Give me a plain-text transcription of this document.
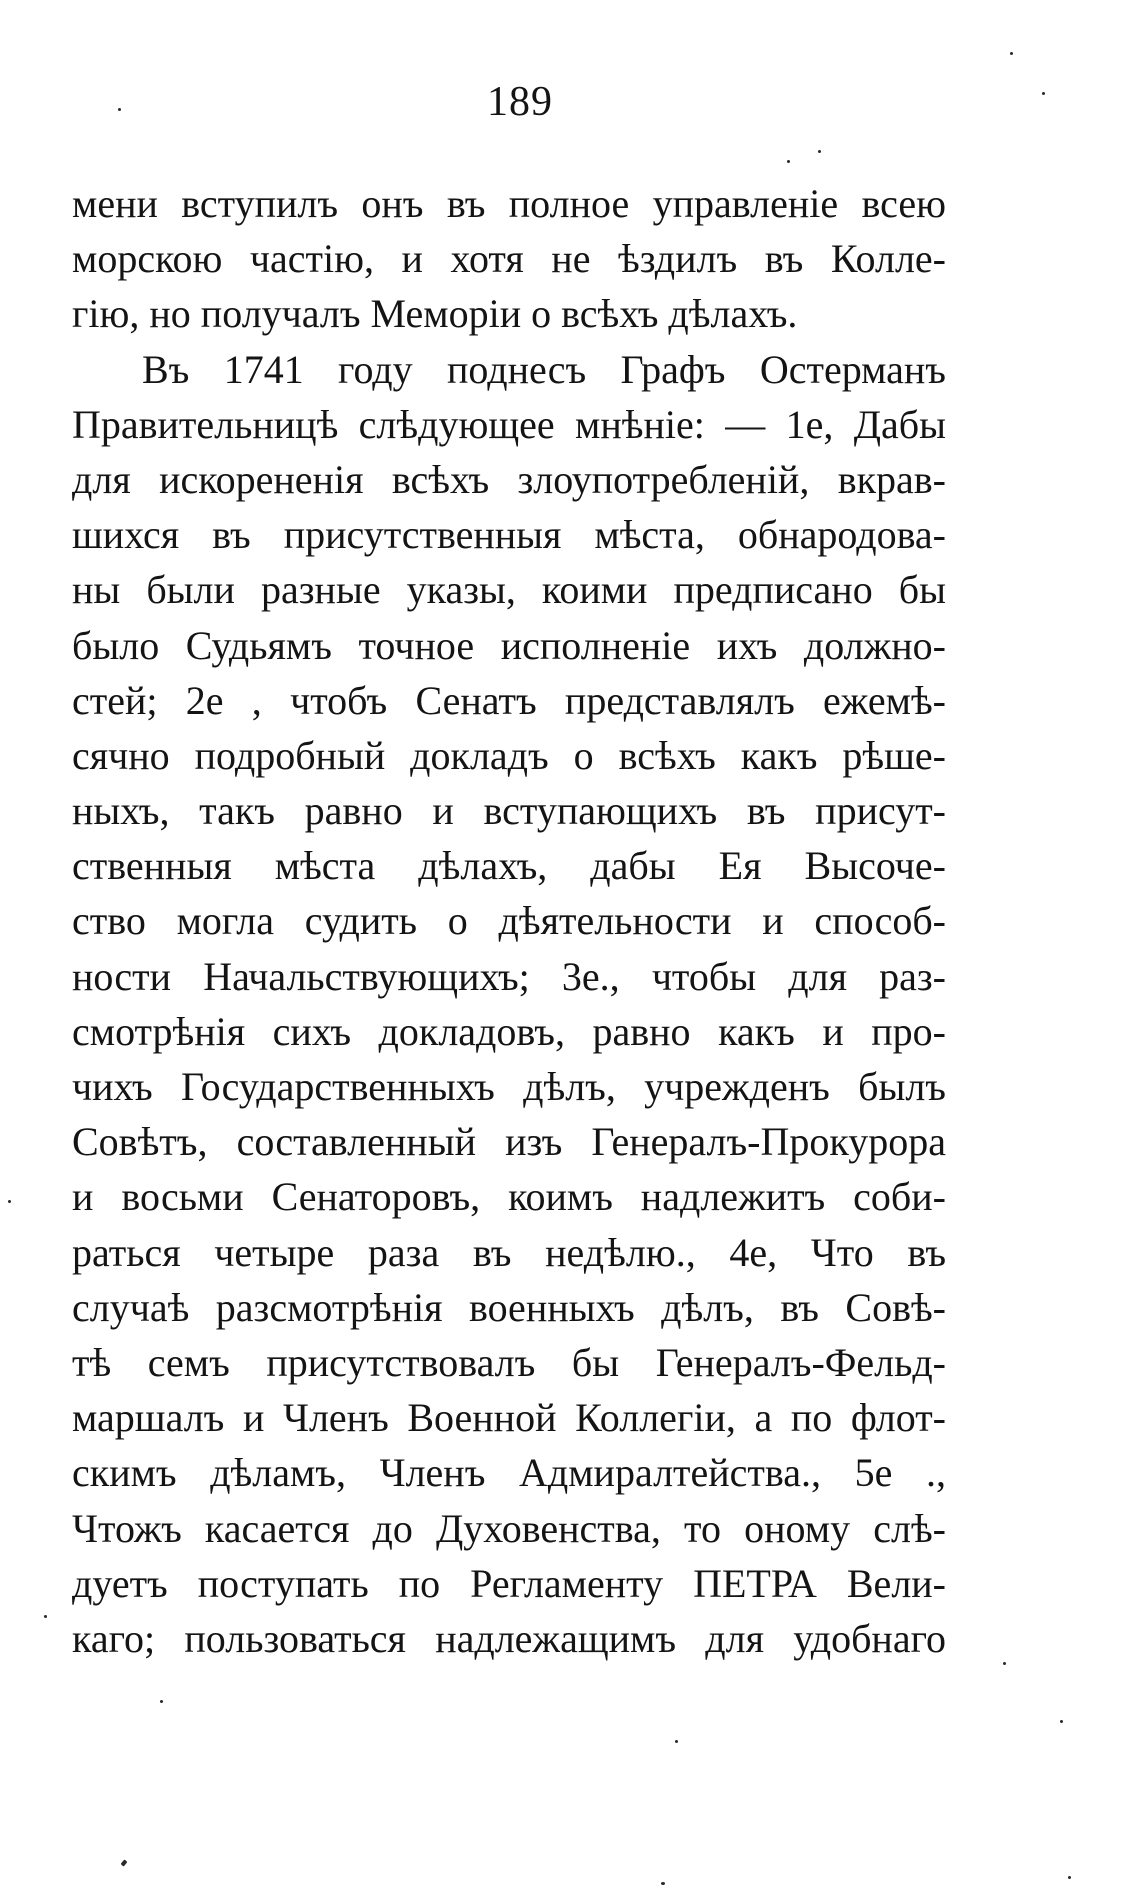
189
мени вступилъ онъ въ полное управленіе всею
морскою частію, и хотя не ѣздилъ въ Колле-
гію, но получалъ Меморіи о всѣхъ дѣлахъ.
Въ 1741 году поднесъ Графъ Остерманъ
Правительницѣ слѣдующее мнѣніе: — 1е, Дабы
для искорененія всѣхъ злоупотребленій, вкрав-
шихся въ присутственныя мѣста, обнародова-
ны были разные указы, коими предписано бы
было Судьямъ точное исполненіе ихъ должно-
стей; 2е , чтобъ Сенатъ представлялъ ежемѣ-
сячно подробный докладъ о всѣхъ какъ рѣше-
ныхъ, такъ равно и вступающихъ въ присут-
ственныя мѣста дѣлахъ, дабы Ея Высоче-
ство могла судить о дѣятельности и способ-
ности Начальствующихъ; 3е., чтобы для раз-
смотрѣнія сихъ докладовъ, равно какъ и про-
чихъ Государственныхъ дѣлъ, учрежденъ былъ
Совѣтъ, составленный изъ Генералъ-Прокурора
и восьми Сенаторовъ, коимъ надлежитъ соби-
раться четыре раза въ недѣлю., 4е, Что въ
случаѣ разсмотрѣнія военныхъ дѣлъ, въ Совѣ-
тѣ семъ присутствовалъ бы Генералъ-Фельд-
маршалъ и Членъ Военной Коллегіи, а по флот-
скимъ дѣламъ, Членъ Адмиралтейства., 5е .,
Чтожъ касается до Духовенства, то оному слѣ-
дуетъ поступать по Регламенту ПЕТРА Вели-
каго; пользоваться надлежащимъ для удобнаго
